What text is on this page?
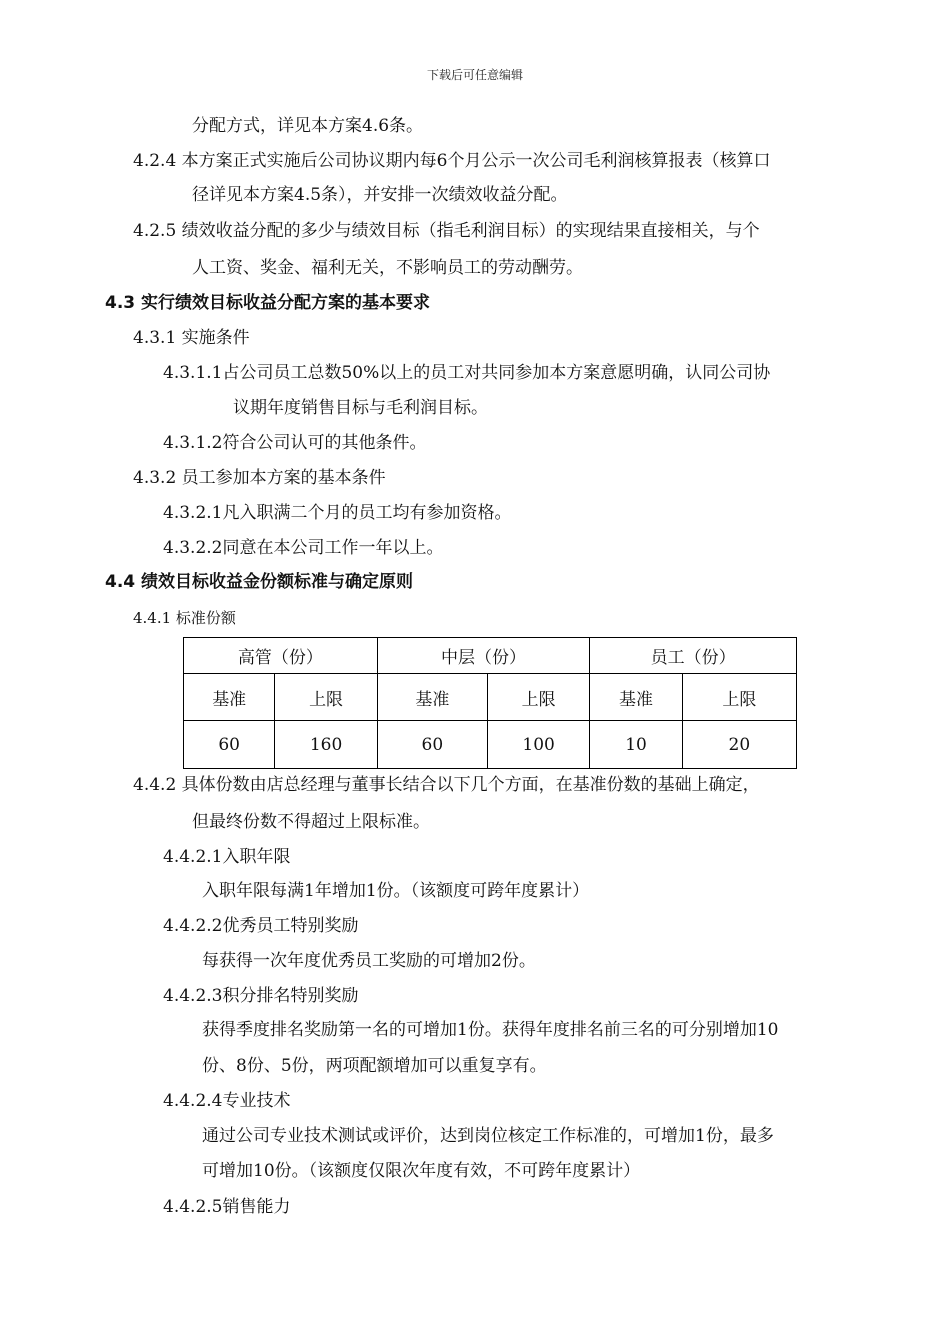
下载后可任意编辑
分配方式，详见本方案4.6条。
4.2.4 本方案正式实施后公司协议期内每6个月公示一次公司毛利润核算报表（核算口
径详见本方案4.5条），并安排一次绩效收益分配。
4.2.5 绩效收益分配的多少与绩效目标（指毛利润目标）的实现结果直接相关，与个
人工资、奖金、福利无关，不影响员工的劳动酬劳。
4.3 实行绩效目标收益分配方案的基本要求
4.3.1 实施条件
4.3.1.1占公司员工总数50%以上的员工对共同参加本方案意愿明确，认同公司协
议期年度销售目标与毛利润目标。
4.3.1.2符合公司认可的其他条件。
4.3.2 员工参加本方案的基本条件
4.3.2.1凡入职满二个月的员工均有参加资格。
4.3.2.2同意在本公司工作一年以上。
4.4 绩效目标收益金份额标准与确定原则
4.4.1 标准份额
高管（份）		中层（份）		员工（份）	
基准	上限	基准	上限	基准	上限
60	160	60	100	10	20
4.4.2 具体份数由店总经理与董事长结合以下几个方面，在基准份数的基础上确定，
但最终份数不得超过上限标准。
4.4.2.1入职年限
入职年限每满1年增加1份。（该额度可跨年度累计）
4.4.2.2优秀员工特别奖励
每获得一次年度优秀员工奖励的可增加2份。
4.4.2.3积分排名特别奖励
获得季度排名奖励第一名的可增加1份。获得年度排名前三名的可分别增加10
份、8份、5份，两项配额增加可以重复享有。
4.4.2.4专业技术
通过公司专业技术测试或评价，达到岗位核定工作标准的，可增加1份，最多
可增加10份。（该额度仅限次年度有效，不可跨年度累计）
4.4.2.5销售能力
